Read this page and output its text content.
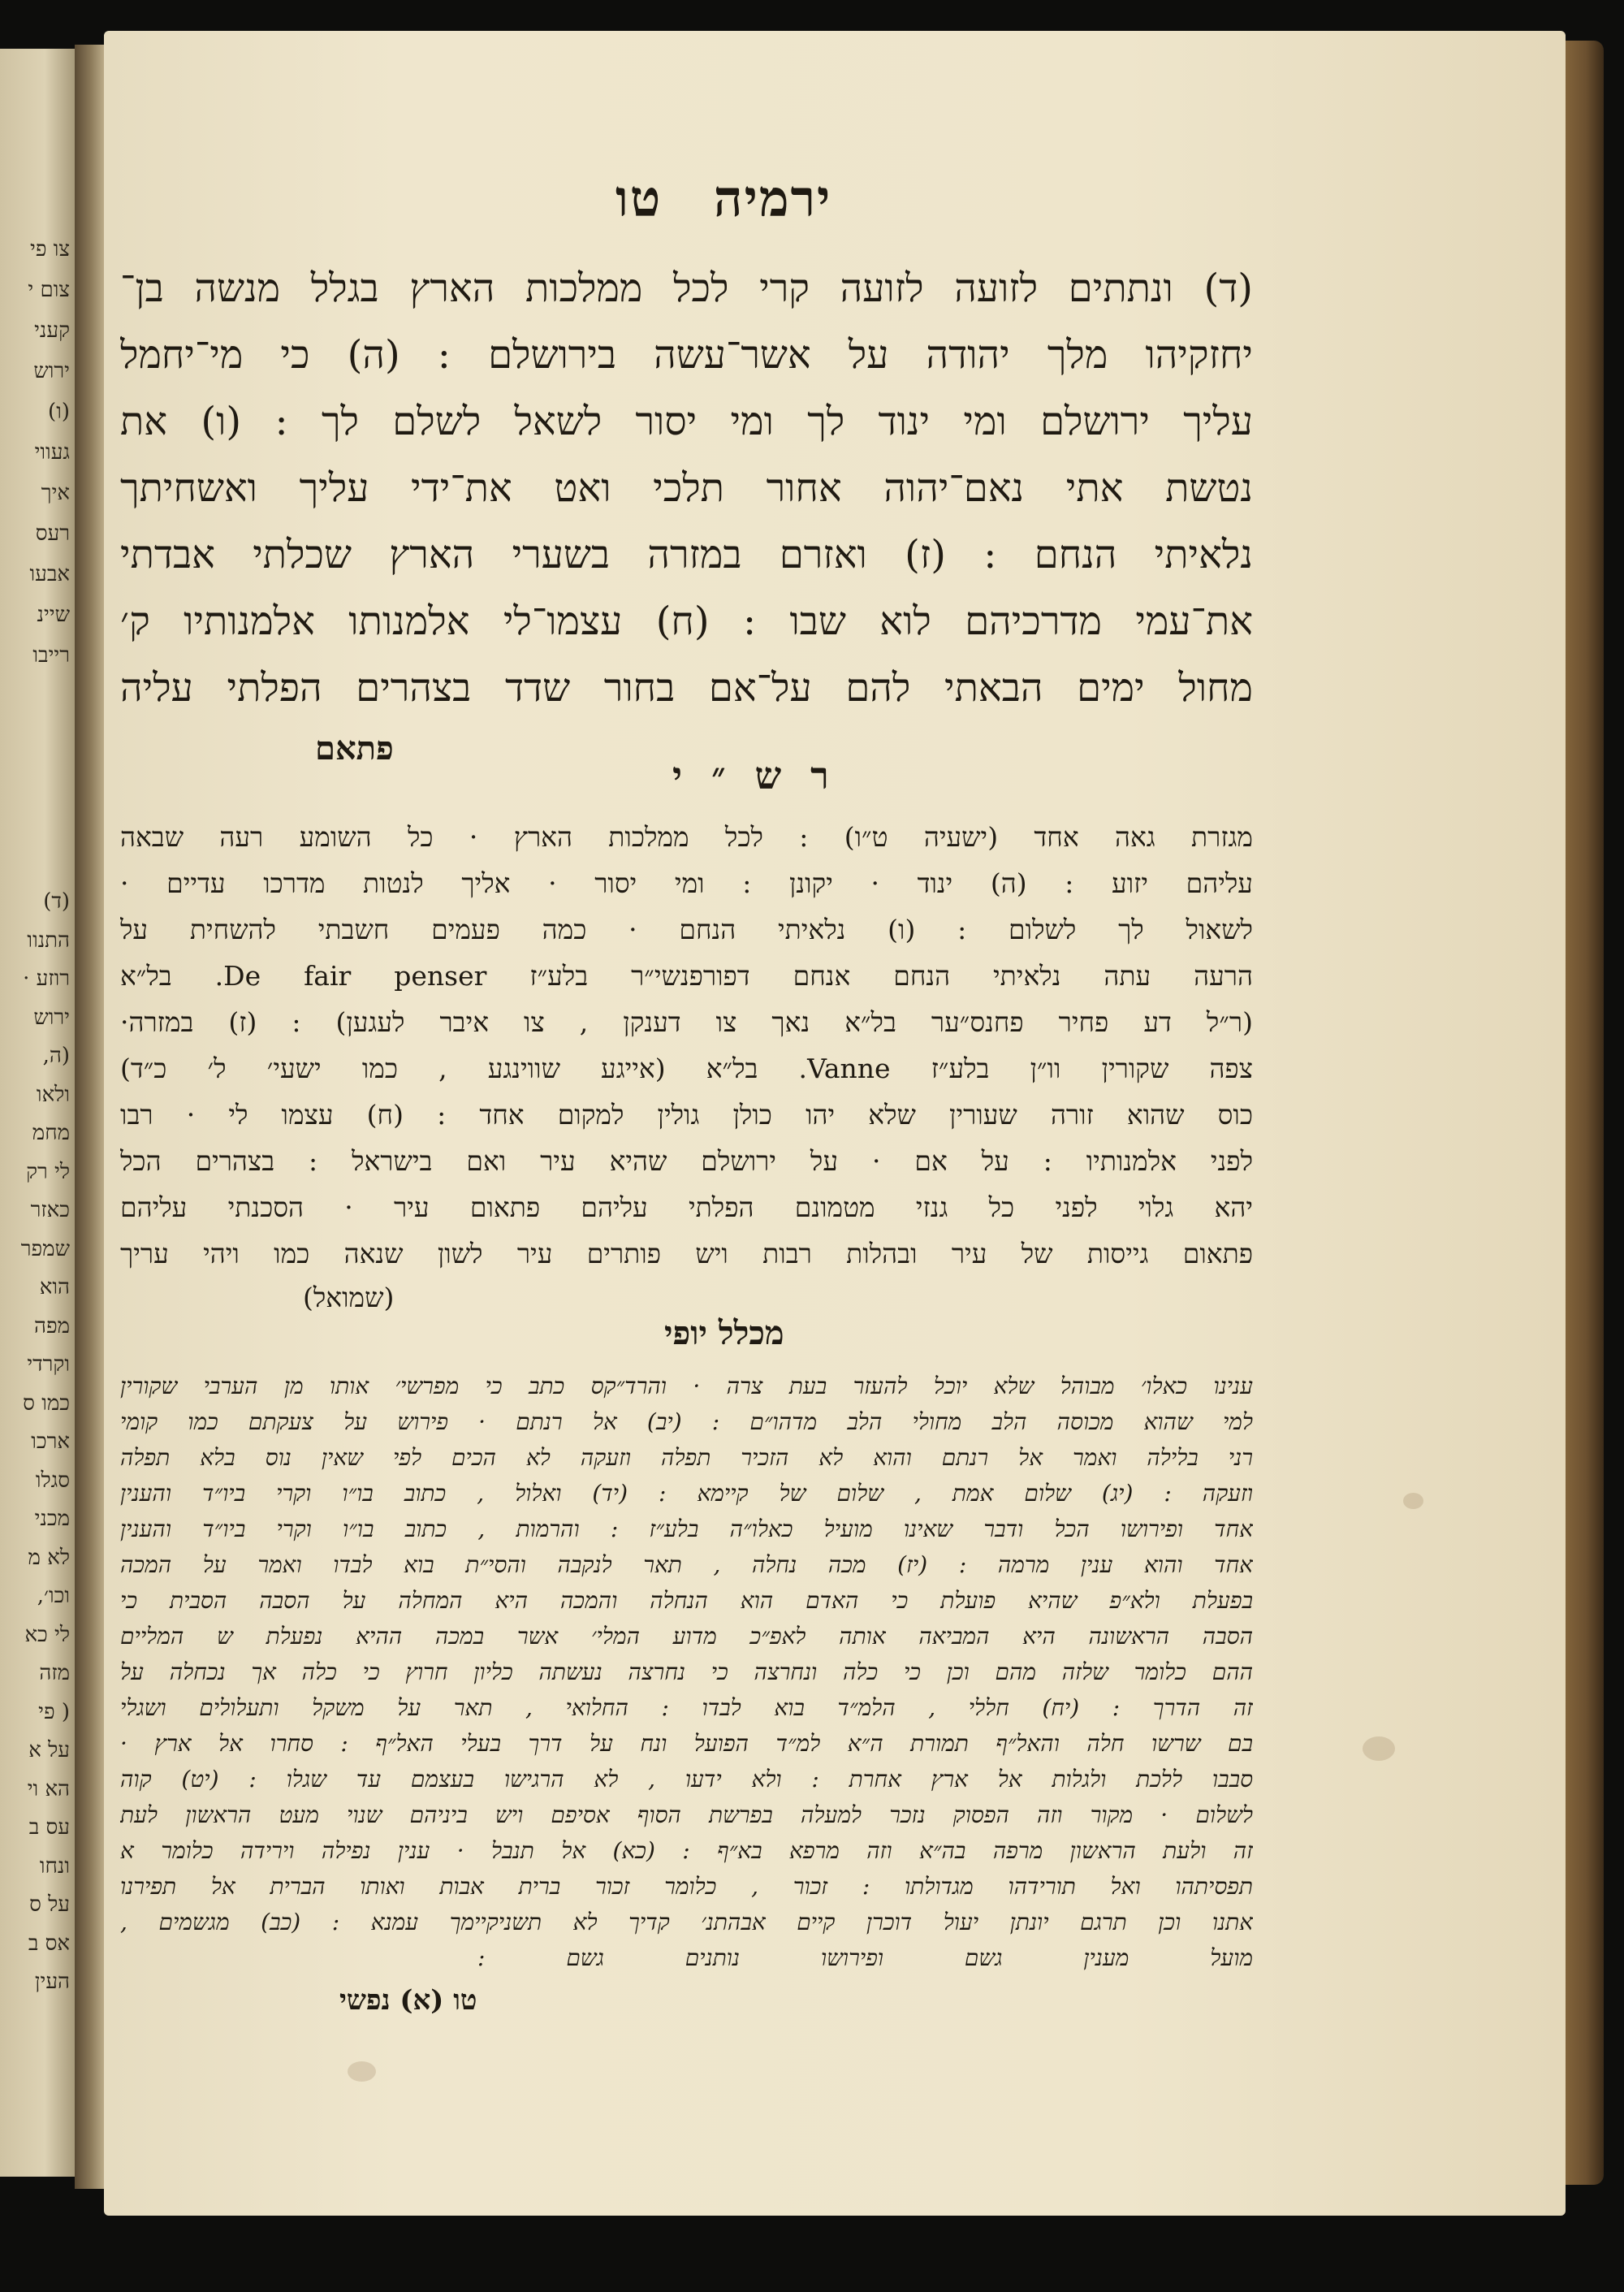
צו פי
צום י
קעני
ירוש
(ו)
געווי
איך
רעס
אבעו
שיינ
רייבו
(ד)
התנוו
רוזע ·
ירוש
(ה,
ולאו
מחמ
לי רק
כאזר
שמפר
הוא
מפה
וקרדי
כמו ס
ארכו
סגלו
מכני
לא מ
וכו׳,
לי כא
מזה
( פי
על א
הא וי
עס ב
ונחו
על ס
אס ב
העין
ירמיה טו
(ד) ונתתים לזועה לזועה קרי לכל ממלכות הארץ בגלל מנשה בן־
יחזקיהו מלך יהודה על אשר־עשה בירושלם : (ה) כי מי־יחמל
עליך ירושלם ומי ינוד לך ומי יסור לשאל לשלם לך : (ו) את
נטשת אתי נאם־יהוה אחור תלכי ואט את־ידי עליך ואשחיתך
נלאיתי הנחם : (ז) ואזרם במזרה בשערי הארץ שכלתי אבדתי
את־עמי מדרכיהם לוא שבו : (ח) עצמו־לי אלמנותו אלמנותיו ק׳
מחול ימים הבאתי להם על־אם בחור שדד בצהרים הפלתי עליה
פתאם
ר ש ״ י
מגזרת גאה אחד (ישעיה ט״ו) : לכל ממלכות הארץ · כל השומע רעה שבאה
עליהם יזוע : (ה) ינוד · יקונן : ומי יסור · אליך לנטות מדרכו עדיים ·
לשאול לך לשלום : (ו) נלאיתי הנחם · כמה פעמים חשבתי להשחית על
הרעה עתה נלאיתי הנחם אנחם דפורפנשי״ר בלע״ז De fair penser. בל״א
(ר״ל דע פחיר פחנס״ער בל״א נאך צו דענקן , צו איבר לעגען) : (ז) במזרה·
צפה שקורין וו״ן בלע״ז Vanne. בל״א (אייגע שווינגע , כמו ישעי׳ ל׳ כ״ד)
כוס שהוא זורה שעורין שלא יהו כולן גולין למקום אחד : (ח) עצמו לי · רבו
לפני אלמנותיו : על אם · על ירושלם שהיא עיר ואם בישראל : בצהרים הכל
יהא גלוי לפני כל גנזי מטמונם הפלתי עליהם פתאום עיר · הסכנתי עליהם
פתאום גייסות של עיר ובהלות רבות ויש פותרים עיר לשון שנאה כמו ויהי עריך
(שמואל)
מכלל יופי
ענינו כאלו׳ מבוהל שלא יוכל להעזר בעת צרה · והרד״קס כתב כי מפרשי׳ אותו מן הערבי שקורין
למי שהוא מכוסה הלב מחולי הלב מדהו״ם : (יב) אל רנתם · פירוש על צעקתם כמו קומי
רני בלילה ואמר אל רנתם והוא לא הזכיר תפלה וזעקה לא הכים לפי שאין נוס בלא תפלה
וזעקה : (יג) שלום אמת , שלום של קיימא : (יד) ואלול , כתוב בו״ו וקרי ביו״ד והענין
אחד ופירושו הכל ודבר שאינו מועיל כאלו״ה בלע״ז : והרמות , כתוב בו״ו וקרי ביו״ד והענין
אחד והוא ענין מרמה : (יז) מכה נחלה , תאר לנקבה והסי״ת בוא לבדו ואמר על המכה
בפעלת ולא״פ שהיא פועלת כי האדם הוא הנחלה והמכה היא המחלה על הסבה הסבית כי
הסבה הראשונה היא המביאה אותה לאפ״כ מדוע המלי׳ אשר במכה ההיא נפעלת ש המליים
ההם כלומר שלזה מהם וכן כי כלה ונחרצה כי נחרצה נעשתה כליון חרוץ כי כלה אך נכחלה על
זה הדרך : (יח) חללי , הלמ״ד בוא לבדו : החלואי , תאר על משקל ותעלולים ושגלי
בם שרשו חלה והאל״ף תמורת ה״א למ״ד הפועל ונח על דרך בעלי האל״ף : סחרו אל ארץ ·
סבבו ללכת ולגלות אל ארץ אחרת : ולא ידעו , לא הרגישו בעצמם עד שגלו : (יט) קוה
לשלום · מקור וזה הפסוק נזכר למעלה בפרשת הסוף אסיפם ויש ביניהם שנוי מעט הראשון לעת
זה ולעת הראשון מרפה בה״א וזה מרפא בא״ף : (כא) אל תנבל · ענין נפילה וירידה כלומר א
תפסיתהו ואל תורידהו מגדולתו : זכור , כלומר זכור ברית אבות ואותו הברית אל תפירנו
אתנו וכן תרגם יונתן יעול דוכרן קיים אבהתנ׳ קדיך לא תשניקיימך עמנא : (כב) מגשמים ,
מועל מענין גשם ופירושו נותנים גשם :
טו (א) נפשי
